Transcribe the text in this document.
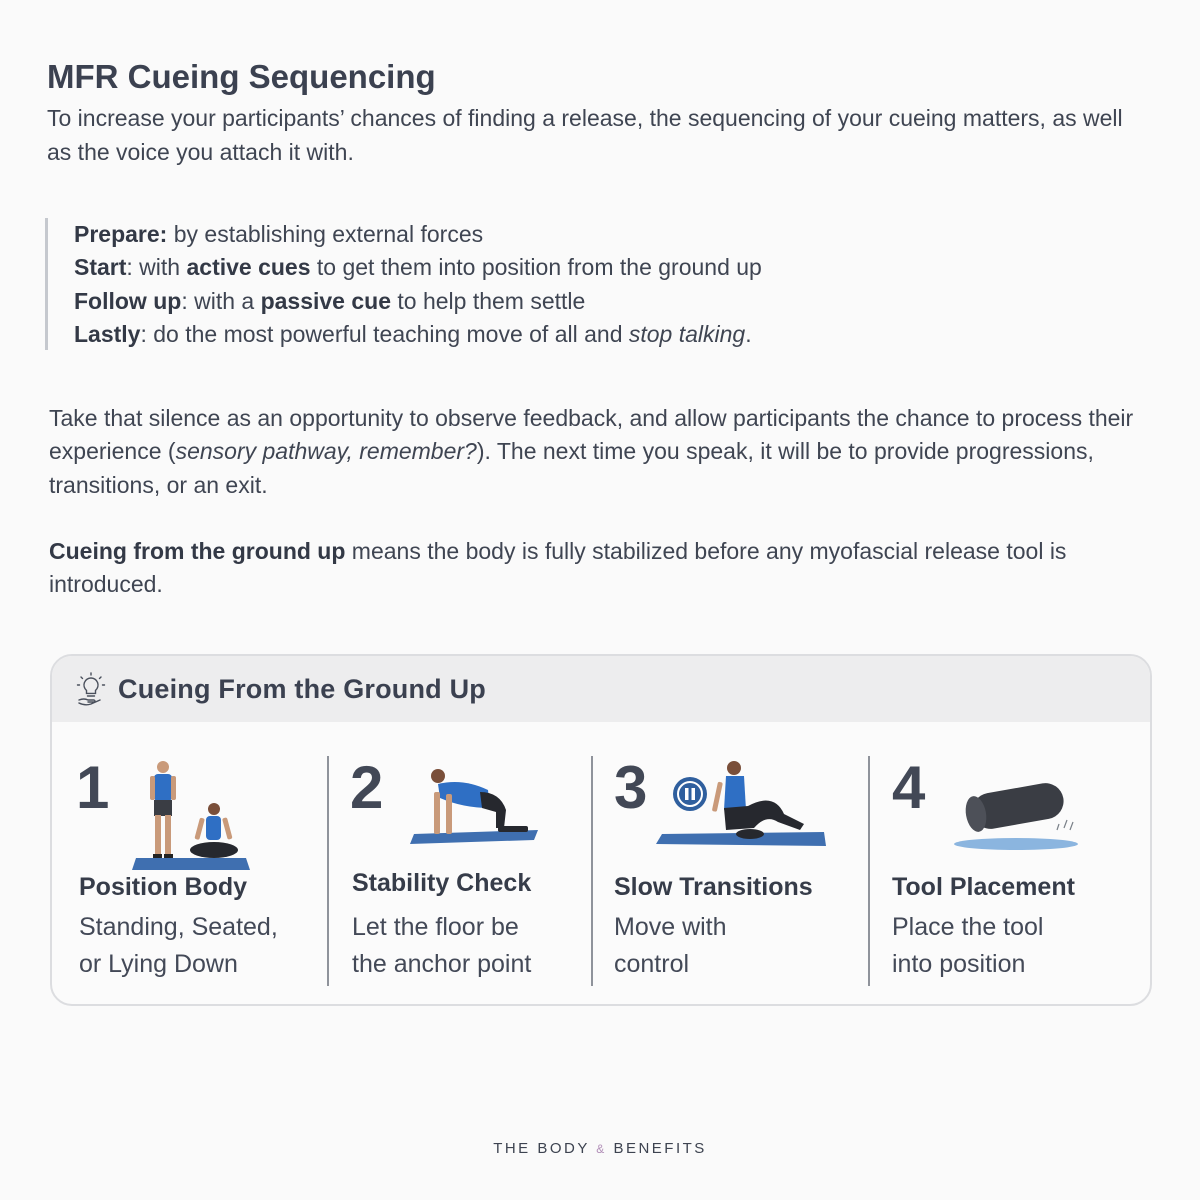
MFR Cueing Sequencing
To increase your participants’ chances of finding a release, the sequencing of your cueing matters, as well as the voice you attach it with.
Prepare: by establishing external forces
Start: with active cues to get them into position from the ground up
Follow up: with a passive cue to help them settle
Lastly: do the most powerful teaching move of all and stop talking.
Take that silence as an opportunity to observe feedback, and allow participants the chance to process their experience (sensory pathway, remember?). The next time you speak, it will be to provide progressions, transitions, or an exit.
Cueing from the ground up means the body is fully stabilized before any myofascial release tool is introduced.
Cueing From the Ground Up
1
Position Body
Standing, Seated,
or Lying Down
2
Stability Check
Let the floor be
the anchor point
3
Slow Transitions
Move with
control
4
Tool Placement
Place the tool
into position
THE BODY & BENEFITS
